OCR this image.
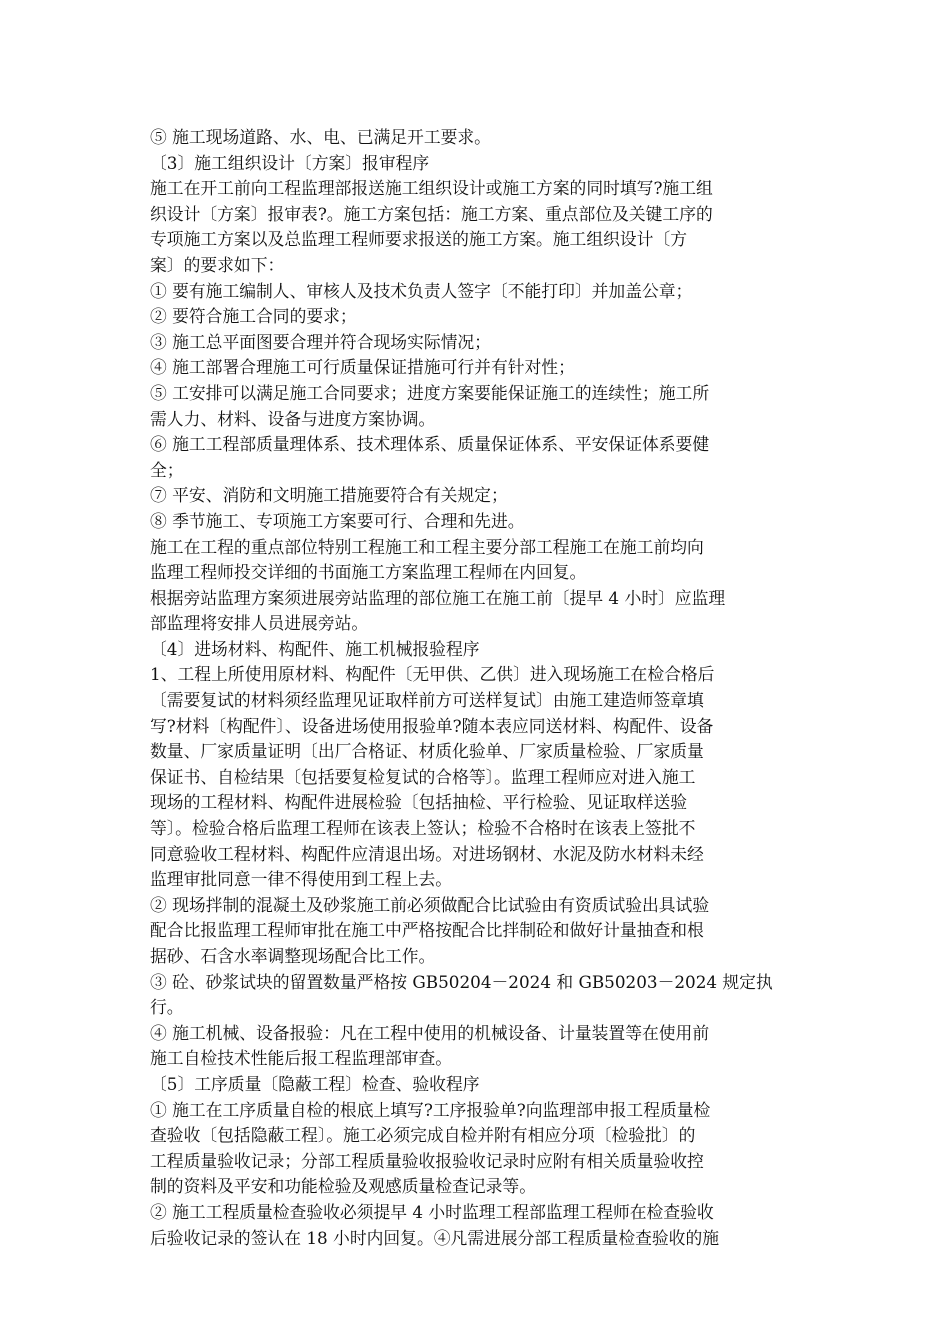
⑤ 施工现场道路、水、电、已满足开工要求。
〔3〕施工组织设计〔方案〕报审程序
施工在开工前向工程监理部报送施工组织设计或施工方案的同时填写?施工组
织设计〔方案〕报审表?。施工方案包括：施工方案、重点部位及关键工序的
专项施工方案以及总监理工程师要求报送的施工方案。施工组织设计〔方
案〕的要求如下：
① 要有施工编制人、审核人及技术负责人签字〔不能打印〕并加盖公章；
② 要符合施工合同的要求；
③ 施工总平面图要合理并符合现场实际情况；
④ 施工部署合理施工可行质量保证措施可行并有针对性；
⑤ 工安排可以满足施工合同要求；进度方案要能保证施工的连续性；施工所
需人力、材料、设备与进度方案协调。
⑥ 施工工程部质量理体系、技术理体系、质量保证体系、平安保证体系要健
全；
⑦ 平安、消防和文明施工措施要符合有关规定；
⑧ 季节施工、专项施工方案要可行、合理和先进。
施工在工程的重点部位特别工程施工和工程主要分部工程施工在施工前均向
监理工程师投交详细的书面施工方案监理工程师在内回复。
根据旁站监理方案须进展旁站监理的部位施工在施工前〔提早 4 小时〕应监理
部监理将安排人员进展旁站。
〔4〕进场材料、构配件、施工机械报验程序
1、工程上所使用原材料、构配件〔无甲供、乙供〕进入现场施工在检合格后
〔需要复试的材料须经监理见证取样前方可送样复试〕由施工建造师签章填
写?材料〔构配件〕、设备进场使用报验单?随本表应同送材料、构配件、设备
数量、厂家质量证明〔出厂合格证、材质化验单、厂家质量检验、厂家质量
保证书、自检结果〔包括要复检复试的合格等〕。监理工程师应对进入施工
现场的工程材料、构配件进展检验〔包括抽检、平行检验、见证取样送验
等〕。检验合格后监理工程师在该表上签认；检验不合格时在该表上签批不
同意验收工程材料、构配件应清退出场。对进场钢材、水泥及防水材料未经
监理审批同意一律不得使用到工程上去。
② 现场拌制的混凝土及砂浆施工前必须做配合比试验由有资质试验出具试验
配合比报监理工程师审批在施工中严格按配合比拌制砼和做好计量抽查和根
据砂、石含水率调整现场配合比工作。
③ 砼、砂浆试块的留置数量严格按 GB50204－2024 和 GB50203－2024 规定执
行。
④ 施工机械、设备报验：凡在工程中使用的机械设备、计量装置等在使用前
施工自检技术性能后报工程监理部审查。
〔5〕工序质量〔隐蔽工程〕检查、验收程序
① 施工在工序质量自检的根底上填写?工序报验单?向监理部申报工程质量检
查验收〔包括隐蔽工程〕。施工必须完成自检并附有相应分项〔检验批〕的
工程质量验收记录；分部工程质量验收报验收记录时应附有相关质量验收控
制的资料及平安和功能检验及观感质量检查记录等。
② 施工工程质量检查验收必须提早 4 小时监理工程部监理工程师在检查验收
后验收记录的签认在 18 小时内回复。④凡需进展分部工程质量检查验收的施
